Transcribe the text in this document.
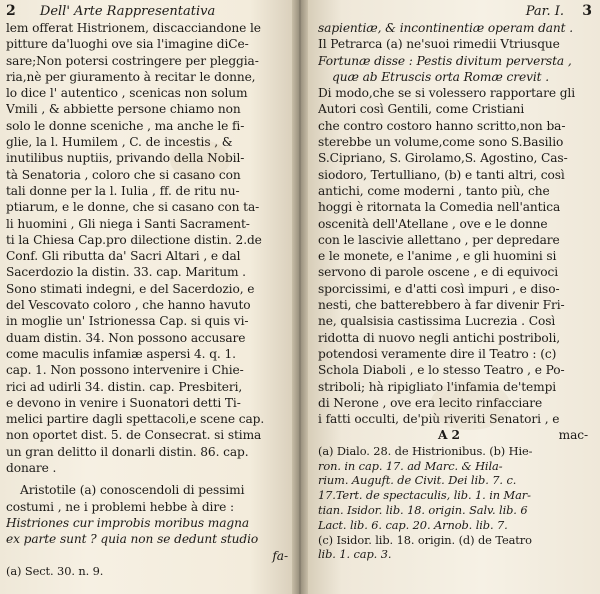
2 Dell' Arte Rappresentativa
lem offerat Histrionem, discacciandone le
pitture da'luoghi ove sia l'imagine diCe-
sare;Non potersi costringere per pleggia-
ria,nè per giuramento à recitar le donne,
lo dice l' autentico , scenicas non solum
Vmili , & abbiette persone chiamo non
solo le donne sceniche , ma anche le fi-
glie, la l. Humilem , C. de incestis , &
inutilibus nuptiis, privando della Nobil-
tà Senatoria , coloro che si casano con
tali donne per la l. Iulia , ff. de ritu nu-
ptiarum, e le donne, che si casano con ta-
li huomini , Gli niega i Santi Sacrament-
ti la Chiesa Cap.pro dilectione distin. 2.de
Conf. Gli ributta da' Sacri Altari , e dal
Sacerdozio la distin. 33. cap. Maritum .
Sono stimati indegni, e del Sacerdozio, e
del Vescovato coloro , che hanno havuto
in moglie un' Istrionessa Cap. si quis vi-
duam distin. 34. Non possono accusare
come maculis infamiæ aspersi 4. q. 1.
cap. 1. Non possono intervenire i Chie-
rici ad udirli 34. distin. cap. Presbiteri,
e devono in venire i Suonatori detti Ti-
melici partire dagli spettacoli,e scene cap.
non oportet dist. 5. de Consecrat. si stima
un gran delitto il donarli distin. 86. cap.
donare .
Aristotile (a) conoscendoli di pessimi
costumi , ne i problemi hebbe à dire :
Histriones cur improbis moribus magna
ex parte sunt ? quia non se dedunt studio
fa-
(a) Sect. 30. n. 9.
Par. I. 3
sapientiæ, & incontinentiæ operam dant .
Il Petrarca (a) ne'suoi rimedii Vtriusque
Fortunæ disse : Pestis divitum perversta ,
quæ ab Etruscis orta Romæ crevit .
Di modo,che se si volessero rapportare gli
Autori così Gentili, come Cristiani
che contro costoro hanno scritto,non ba-
sterebbe un volume,come sono S.Basilio
S.Cipriano, S. Girolamo,S. Agostino, Cas-
siodoro, Tertulliano, (b) e tanti altri, così
antichi, come moderni , tanto più, che
hoggi è ritornata la Comedia nell'antica
oscenità dell'Atellane , ove e le donne
con le lascivie allettano , per depredare
e le monete, e l'anime , e gli huomini si
servono di parole oscene , e di equivoci
sporcissimi, e d'atti così impuri , e diso-
nesti, che batterebbero à far divenir Fri-
ne, qualsisia castissima Lucrezia . Così
ridotta di nuovo negli antichi postriboli,
potendosi veramente dire il Teatro : (c)
Schola Diaboli , e lo stesso Teatro , e Po-
striboli; hà ripigliato l'infamia de'tempi
di Nerone , ove era lecito rinfacciare
i fatti occulti, de'più riveriti Senatori , e
A 2	mac-
(a) Dialo. 28. de Histrionibus. (b) Hie-
ron. in cap. 17. ad Marc. & Hila-
rium. Auguft. de Civit. Dei lib. 7. c.
17.Tert. de spectaculis, lib. 1. in Mar-
tian. Isidor. lib. 18. origin. Salv. lib. 6
Lact. lib. 6. cap. 20. Arnob. lib. 7.
(c) Isidor. lib. 18. origin. (d) de Teatro
lib. 1. cap. 3.
